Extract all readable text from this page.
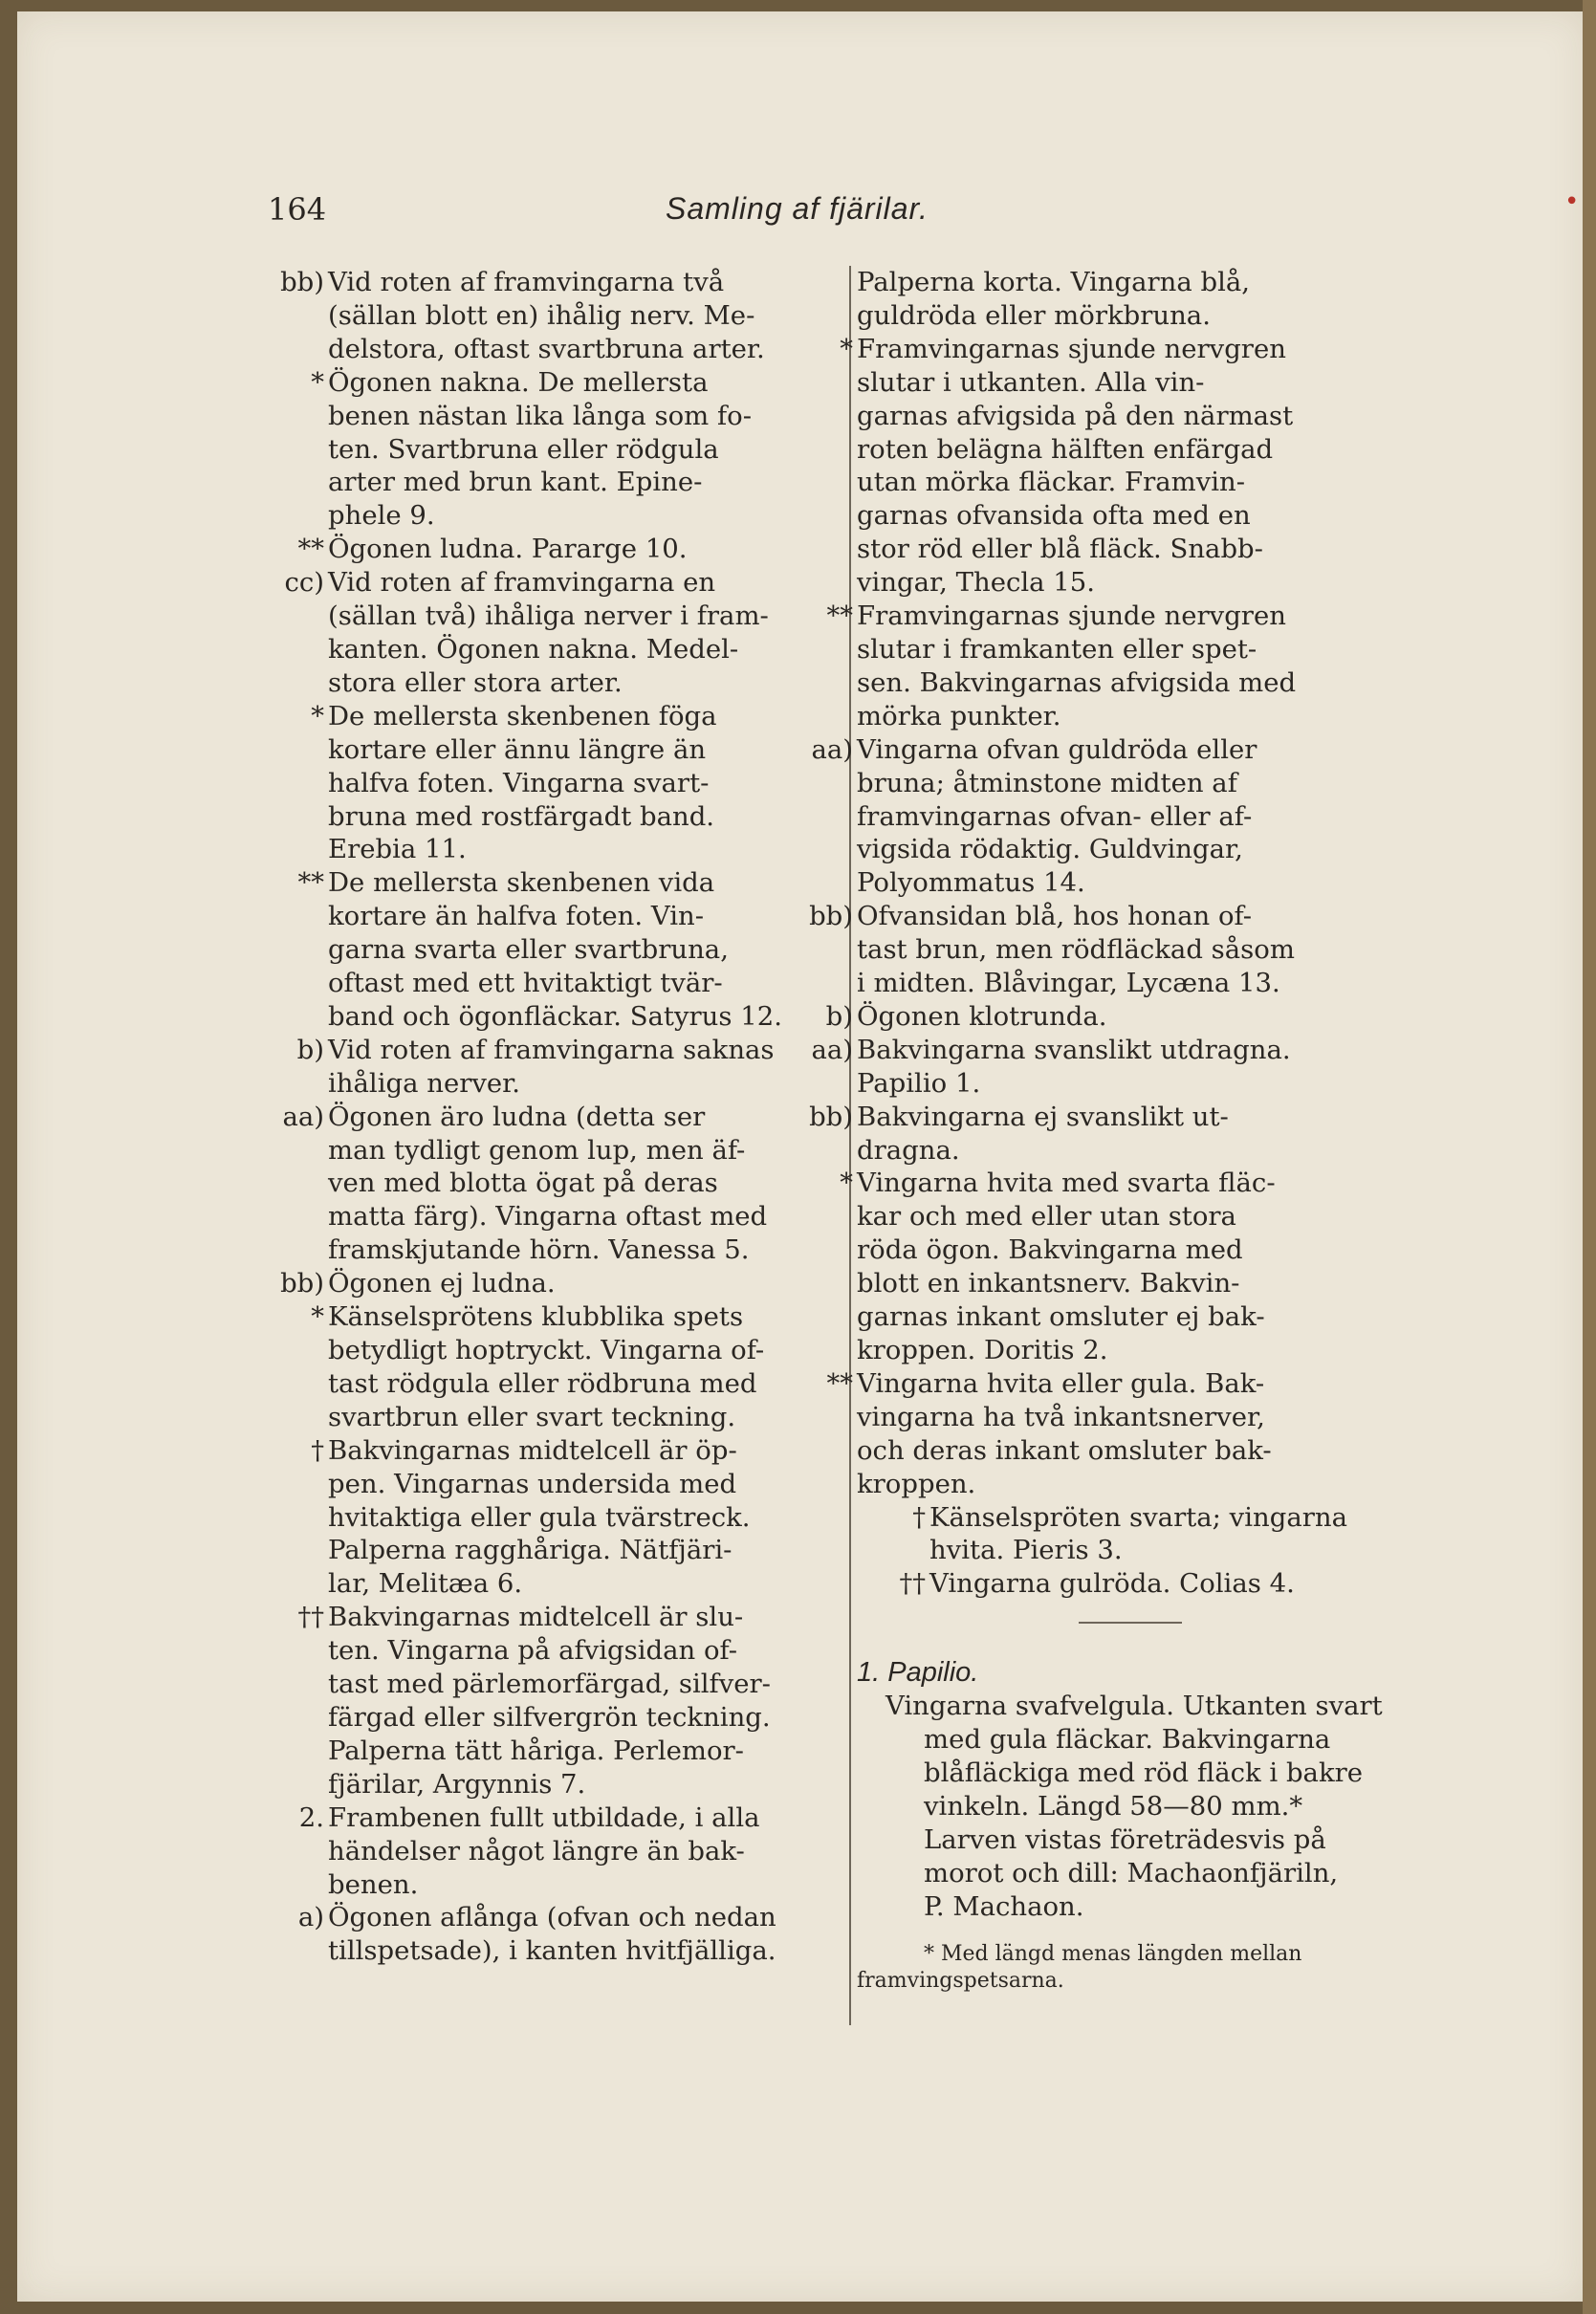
164	Samling af fjärilar.	•
bb) Vid roten af framvingarna två
(sällan blott en) ihålig nerv. Me-
delstora, oftast svartbruna arter.
* Ögonen nakna. De mellersta
benen nästan lika långa som fo-
ten. Svartbruna eller rödgula
arter med brun kant. Epine-
phele 9.
** Ögonen ludna. Pararge 10.
cc) Vid roten af framvingarna en
(sällan två) ihåliga nerver i fram-
kanten. Ögonen nakna. Medel-
stora eller stora arter.
* De mellersta skenbenen föga
kortare eller ännu längre än
halfva foten. Vingarna svart-
bruna med rostfärgadt band.
Erebia 11.
** De mellersta skenbenen vida
kortare än halfva foten. Vin-
garna svarta eller svartbruna,
oftast med ett hvitaktigt tvär-
band och ögonfläckar. Satyrus 12.
b) Vid roten af framvingarna saknas
ihåliga nerver.
aa) Ögonen äro ludna (detta ser
man tydligt genom lup, men äf-
ven med blotta ögat på deras
matta färg). Vingarna oftast med
framskjutande hörn. Vanessa 5.
bb) Ögonen ej ludna.
* Känselsprötens klubblika spets
betydligt hoptryckt. Vingarna of-
tast rödgula eller rödbruna med
svartbrun eller svart teckning.
† Bakvingarnas midtelcell är öp-
pen. Vingarnas undersida med
hvitaktiga eller gula tvärstreck.
Palperna ragghåriga. Nätfjäri-
lar, Melitæa 6.
†† Bakvingarnas midtelcell är slu-
ten. Vingarna på afvigsidan of-
tast med pärlemorfärgad, silfver-
färgad eller silfvergrön teckning.
Palperna tätt håriga. Perlemor-
fjärilar, Argynnis 7.
2. Frambenen fullt utbildade, i alla
händelser något längre än bak-
benen.
a) Ögonen aflånga (ofvan och nedan
tillspetsade), i kanten hvitfjälliga.
Palperna korta. Vingarna blå,
guldröda eller mörkbruna.
* Framvingarnas sjunde nervgren
slutar i utkanten. Alla vin-
garnas afvigsida på den närmast
roten belägna hälften enfärgad
utan mörka fläckar. Framvin-
garnas ofvansida ofta med en
stor röd eller blå fläck. Snabb-
vingar, Thecla 15.
** Framvingarnas sjunde nervgren
slutar i framkanten eller spet-
sen. Bakvingarnas afvigsida med
mörka punkter.
aa) Vingarna ofvan guldröda eller
bruna; åtminstone midten af
framvingarnas ofvan- eller af-
vigsida rödaktig. Guldvingar,
Polyommatus 14.
bb) Ofvansidan blå, hos honan of-
tast brun, men rödfläckad såsom
i midten. Blåvingar, Lycæna 13.
b) Ögonen klotrunda.
aa) Bakvingarna svanslikt utdragna.
Papilio 1.
bb) Bakvingarna ej svanslikt ut-
dragna.
* Vingarna hvita med svarta fläc-
kar och med eller utan stora
röda ögon. Bakvingarna med
blott en inkantsnerv. Bakvin-
garnas inkant omsluter ej bak-
kroppen. Doritis 2.
** Vingarna hvita eller gula. Bak-
vingarna ha två inkantsnerver,
och deras inkant omsluter bak-
kroppen.
† Känselspröten svarta; vingarna
hvita. Pieris 3.
†† Vingarna gulröda. Colias 4.
1. Papilio.
Vingarna svafvelgula. Utkanten svart
med gula fläckar. Bakvingarna
blåfläckiga med röd fläck i bakre
vinkeln. Längd 58—80 mm.*
Larven vistas företrädesvis på
morot och dill: Machaonfjäriln,
P. Machaon.
* Med längd menas längden mellan
framvingspetsarna.
